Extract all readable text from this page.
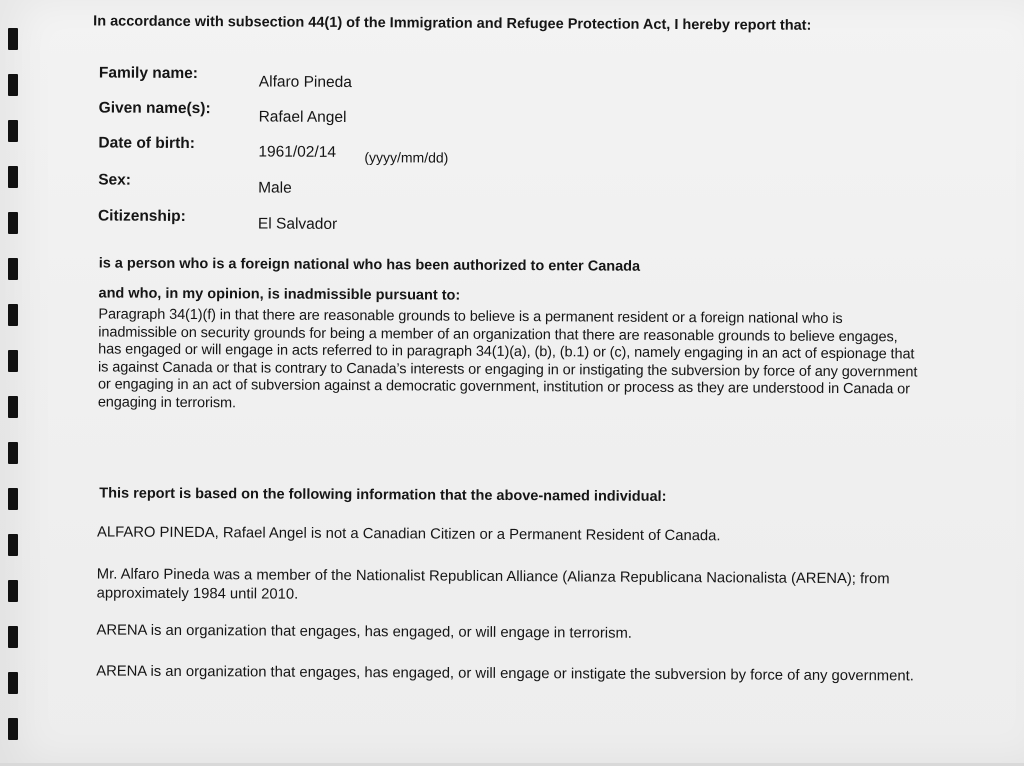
In accordance with subsection 44(1) of the Immigration and Refugee Protection Act, I hereby report that:
Family name:
Alfaro Pineda
Given name(s):
Rafael Angel
Date of birth:
1961/02/14 (yyyy/mm/dd)
Sex:	Male
Citizenship:	El Salvador
is a person who is a foreign national who has been authorized to enter Canada
and who, in my opinion, is inadmissible pursuant to:
Paragraph 34(1)(f) in that there are reasonable grounds to believe is a permanent resident or a foreign national who is inadmissible on security grounds for being a member of an organization that there are reasonable grounds to believe engages, has engaged or will engage in acts referred to in paragraph 34(1)(a), (b), (b.1) or (c), namely engaging in an act of espionage that is against Canada or that is contrary to Canada’s interests or engaging in or instigating the subversion by force of any government or engaging in an act of subversion against a democratic government, institution or process as they are understood in Canada or engaging in terrorism.
This report is based on the following information that the above-named individual:
ALFARO PINEDA, Rafael Angel is not a Canadian Citizen or a Permanent Resident of Canada.
Mr. Alfaro Pineda was a member of the Nationalist Republican Alliance (Alianza Republicana Nacionalista (ARENA); from approximately 1984 until 2010.
ARENA is an organization that engages, has engaged, or will engage in terrorism.
ARENA is an organization that engages, has engaged, or will engage or instigate the subversion by force of any government.
